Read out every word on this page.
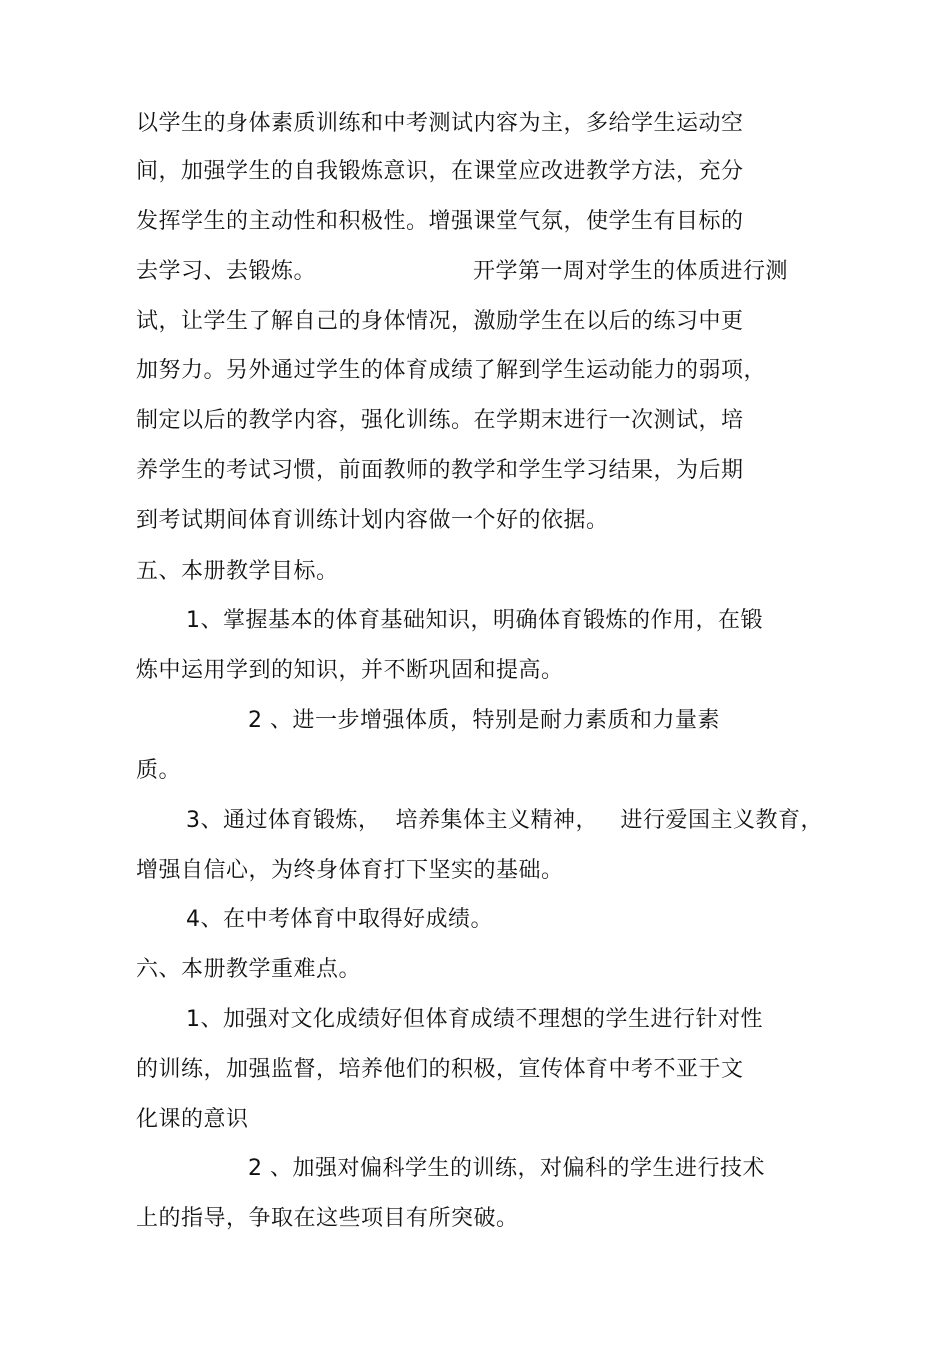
以学生的身体素质训练和中考测试内容为主，多给学生运动空
间，加强学生的自我锻炼意识，在课堂应改进教学方法，充分
发挥学生的主动性和积极性。增强课堂气氛，使学生有目标的
去学习、去锻炼。	开学第一周对学生的体质进行测
试，让学生了解自己的身体情况，激励学生在以后的练习中更
加努力。另外通过学生的体育成绩了解到学生运动能力的弱项，
制定以后的教学内容，强化训练。在学期末进行一次测试，培
养学生的考试习惯，前面教师的教学和学生学习结果，为后期
到考试期间体育训练计划内容做一个好的依据。
五、本册教学目标。
1、掌握基本的体育基础知识，明确体育锻炼的作用，在锻
炼中运用学到的知识，并不断巩固和提高。
2 、进一步增强体质，特别是耐力素质和力量素
质。
3、通过体育锻炼，  培养集体主义精神，   进行爱国主义教育，
增强自信心，为终身体育打下坚实的基础。
4、在中考体育中取得好成绩。
六、本册教学重难点。
1、加强对文化成绩好但体育成绩不理想的学生进行针对性
的训练，加强监督，培养他们的积极，宣传体育中考不亚于文
化课的意识
2 、加强对偏科学生的训练，对偏科的学生进行技术
上的指导，争取在这些项目有所突破。
